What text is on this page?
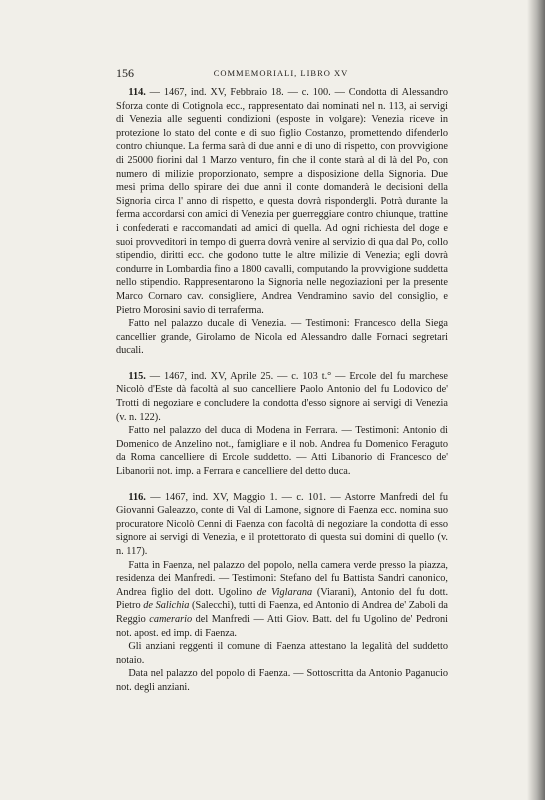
156	COMMEMORIALI, LIBRO XV

114. — 1467, ind. XV, Febbraio 18. — c. 100. — Condotta di Alessandro Sforza conte di Cotignola ecc., rappresentato dai nominati nel n. 113, ai servigi di Venezia alle seguenti condizioni (esposte in volgare): Venezia riceve in protezione lo stato del conte e di suo figlio Costanzo, promettendo difenderlo contro chiunque. La ferma sarà di due anni e di uno di rispetto, con provvigione di 25000 fiorini dal 1 Marzo venturo, fin che il conte starà al di là del Po, con numero di milizie proporzionato, sempre a disposizione della Signoria. Due mesi prima dello spirare dei due anni il conte domanderà le decisioni della Signoria circa l' anno di rispetto, e questa dovrà rispondergli. Potrà durante la ferma accordarsi con amici di Venezia per guerreggiare contro chiunque, trattine i confederati e raccomandati ad amici di quella. Ad ogni richiesta del doge e suoi provveditori in tempo di guerra dovrà venire al servizio di qua dal Po, collo stipendio, diritti ecc. che godono tutte le altre milizie di Venezia; egli dovrà condurre in Lombardia fino a 1800 cavalli, computando la provvigione suddetta nello stipendio. Rappresentarono la Signoria nelle negoziazioni per la presente Marco Cornaro cav. consigliere, Andrea Vendramino savio del consiglio, e Pietro Morosini savio di terraferma.

Fatto nel palazzo ducale di Venezia. — Testimoni: Francesco della Siega cancellier grande, Girolamo de Nicola ed Alessandro dalle Fornaci segretari ducali.

115. — 1467, ind. XV, Aprile 25. — c. 103 t.° — Ercole del fu marchese Nicolò d'Este dà facoltà al suo cancelliere Paolo Antonio del fu Lodovico de' Trotti di negoziare e concludere la condotta d'esso signore ai servigi di Venezia (v. n. 122).

Fatto nel palazzo del duca di Modena in Ferrara. — Testimoni: Antonio di Domenico de Anzelino not., famigliare e il nob. Andrea fu Domenico Feraguto da Roma cancelliere di Ercole suddetto. — Atti Libanorio di Francesco de' Libanorii not. imp. a Ferrara e cancelliere del detto duca.

116. — 1467, ind. XV, Maggio 1. — c. 101. — Astorre Manfredi del fu Giovanni Galeazzo, conte di Val di Lamone, signore di Faenza ecc. nomina suo procuratore Nicolò Cenni di Faenza con facoltà di negoziare la condotta di esso signore ai servigi di Venezia, e il protettorato di questa sui domini di quello (v. n. 117).

Fatta in Faenza, nel palazzo del popolo, nella camera verde presso la piazza, residenza dei Manfredi. — Testimoni: Stefano del fu Battista Sandri canonico, Andrea figlio del dott. Ugolino de Viglarana (Viarani), Antonio del fu dott. Pietro de Salichia (Salecchi), tutti di Faenza, ed Antonio di Andrea de' Zaboli da Reggio camerario del Manfredi — Atti Giov. Batt. del fu Ugolino de' Pedroni not. apost. ed imp. di Faenza.

Gli anziani reggenti il comune di Faenza attestano la legalità del suddetto notaio.

Data nel palazzo del popolo di Faenza. — Sottoscritta da Antonio Paganucio not. degli anziani.
